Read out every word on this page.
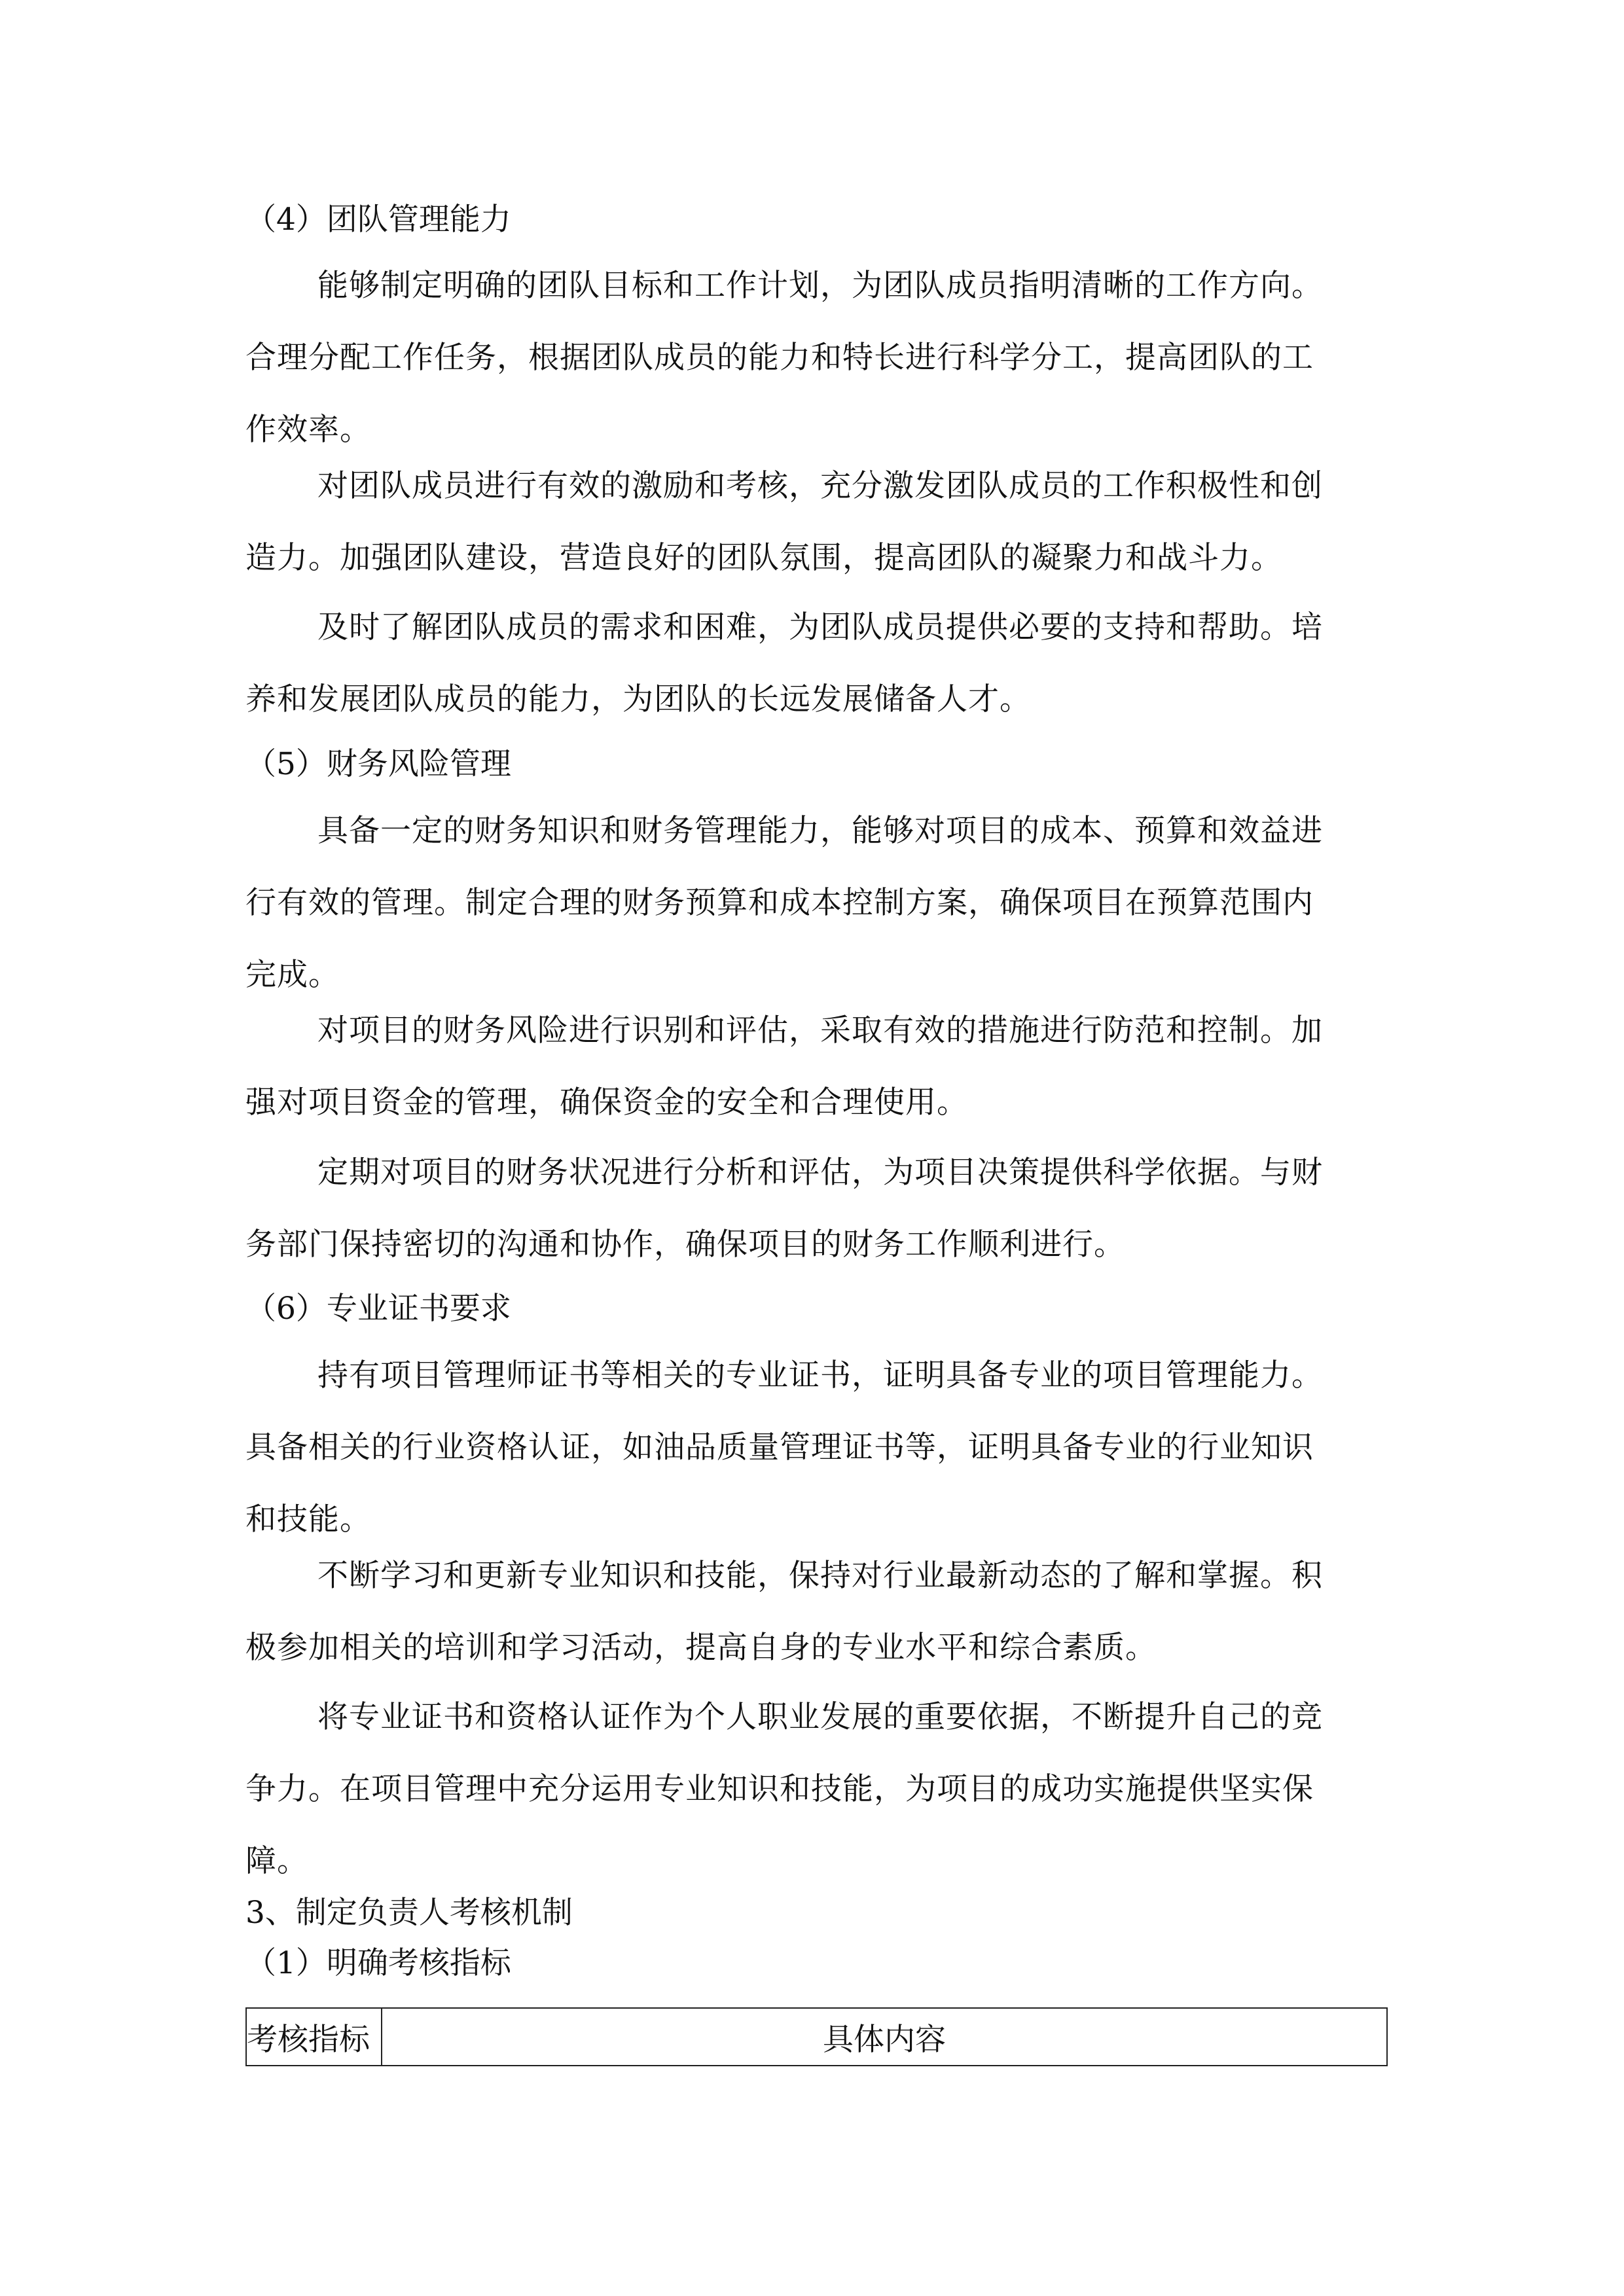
（4）团队管理能力
能够制定明确的团队目标和工作计划，为团队成员指明清晰的工作方向。
合理分配工作任务，根据团队成员的能力和特长进行科学分工，提高团队的工
作效率。
对团队成员进行有效的激励和考核，充分激发团队成员的工作积极性和创
造力。加强团队建设，营造良好的团队氛围，提高团队的凝聚力和战斗力。
及时了解团队成员的需求和困难，为团队成员提供必要的支持和帮助。培
养和发展团队成员的能力，为团队的长远发展储备人才。
（5）财务风险管理
具备一定的财务知识和财务管理能力，能够对项目的成本、预算和效益进
行有效的管理。制定合理的财务预算和成本控制方案，确保项目在预算范围内
完成。
对项目的财务风险进行识别和评估，采取有效的措施进行防范和控制。加
强对项目资金的管理，确保资金的安全和合理使用。
定期对项目的财务状况进行分析和评估，为项目决策提供科学依据。与财
务部门保持密切的沟通和协作，确保项目的财务工作顺利进行。
（6）专业证书要求
持有项目管理师证书等相关的专业证书，证明具备专业的项目管理能力。
具备相关的行业资格认证，如油品质量管理证书等，证明具备专业的行业知识
和技能。
不断学习和更新专业知识和技能，保持对行业最新动态的了解和掌握。积
极参加相关的培训和学习活动，提高自身的专业水平和综合素质。
将专业证书和资格认证作为个人职业发展的重要依据，不断提升自己的竞
争力。在项目管理中充分运用专业知识和技能，为项目的成功实施提供坚实保
障。
3、制定负责人考核机制
（1）明确考核指标
考核指标	具体内容
